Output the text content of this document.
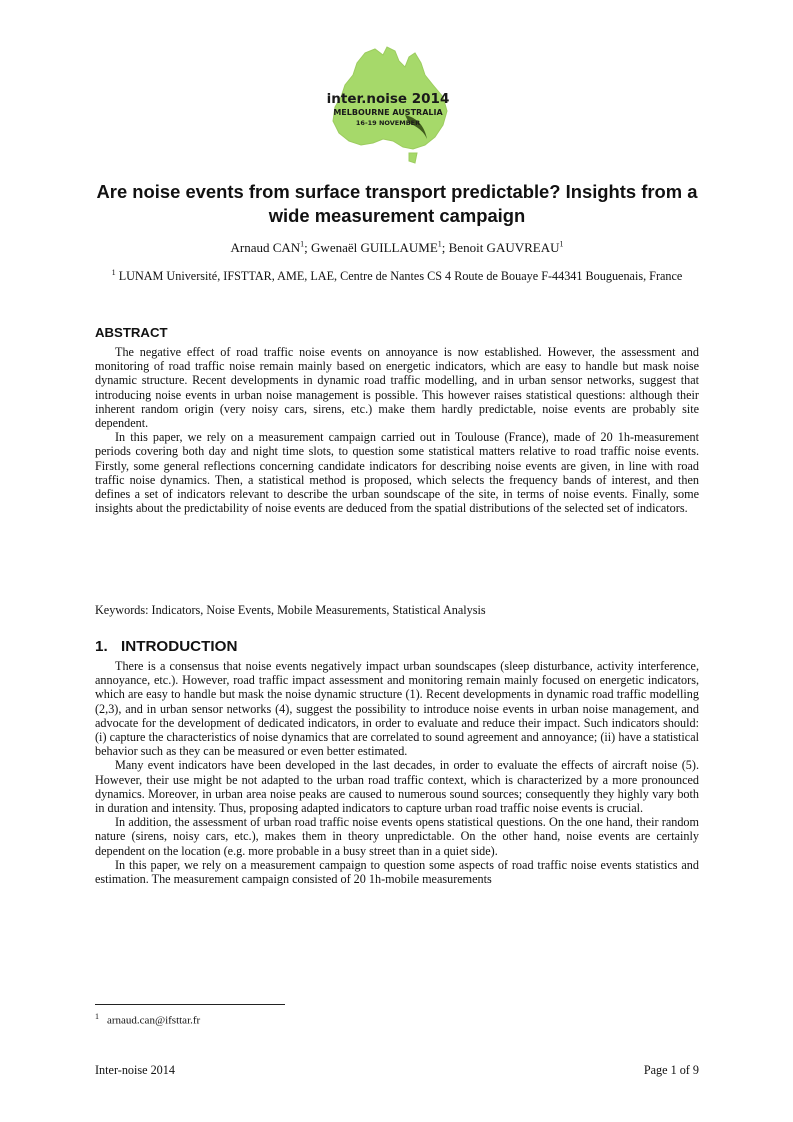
inter.noise 2014
MELBOURNE AUSTRALIA
16-19 NOVEMBER
Are noise events from surface transport predictable? Insights from a wide measurement campaign
Arnaud CAN$^1$; Gwenaël GUILLAUME$^1$; Benoit GAUVREAU$^1$
$^1$ LUNAM Université, IFSTTAR, AME, LAE, Centre de Nantes CS 4 Route de Bouaye F-44341 Bouguenais, France
ABSTRACT

The negative effect of road traffic noise events on annoyance is now established. However, the assessment and monitoring of road traffic noise remain mainly based on energetic indicators, which are easy to handle but mask noise dynamic structure. Recent developments in dynamic road traffic modelling, and in urban sensor networks, suggest that introducing noise events in urban noise management is possible. This however raises statistical questions: although their inherent random origin (very noisy cars, sirens, etc.) make them hardly predictable, noise events are probably site dependent.

In this paper, we rely on a measurement campaign carried out in Toulouse (France), made of 20 1h-measurement periods covering both day and night time slots, to question some statistical matters relative to road traffic noise events. Firstly, some general reflections concerning candidate indicators for describing noise events are given, in line with road traffic noise dynamics. Then, a statistical method is proposed, which selects the frequency bands of interest, and then defines a set of indicators relevant to describe the urban soundscape of the site, in terms of noise events. Finally, some insights about the predictability of noise events are deduced from the spatial distributions of the selected set of indicators.

Keywords: Indicators, Noise Events, Mobile Measurements, Statistical Analysis
1. INTRODUCTION

There is a consensus that noise events negatively impact urban soundscapes (sleep disturbance, activity interference, annoyance, etc.). However, road traffic impact assessment and monitoring remain mainly focused on energetic indicators, which are easy to handle but mask the noise dynamic structure (1). Recent developments in dynamic road traffic modelling (2,3), and in urban sensor networks (4), suggest the possibility to introduce noise events in urban noise management, and advocate for the development of dedicated indicators, in order to evaluate and reduce their impact. Such indicators should: (i) capture the characteristics of noise dynamics that are correlated to sound agreement and annoyance; (ii) have a statistical behavior such as they can be measured or even better estimated.

Many event indicators have been developed in the last decades, in order to evaluate the effects of aircraft noise (5). However, their use might be not adapted to the urban road traffic context, which is characterized by a more pronounced dynamics. Moreover, in urban area noise peaks are caused to numerous sound sources; consequently they highly vary both in duration and intensity. Thus, proposing adapted indicators to capture urban road traffic noise events is crucial.

In addition, the assessment of urban road traffic noise events opens statistical questions. On the one hand, their random nature (sirens, noisy cars, etc.), makes them in theory unpredictable. On the other hand, noise events are certainly dependent on the location (e.g. more probable in a busy street than in a quiet side).

In this paper, we rely on a measurement campaign to question some aspects of road traffic noise events statistics and estimation. The measurement campaign consisted of 20 1h-mobile measurements

$^1$ arnaud.can@ifsttar.fr
Inter-noise 2014	Page 1 of 9
